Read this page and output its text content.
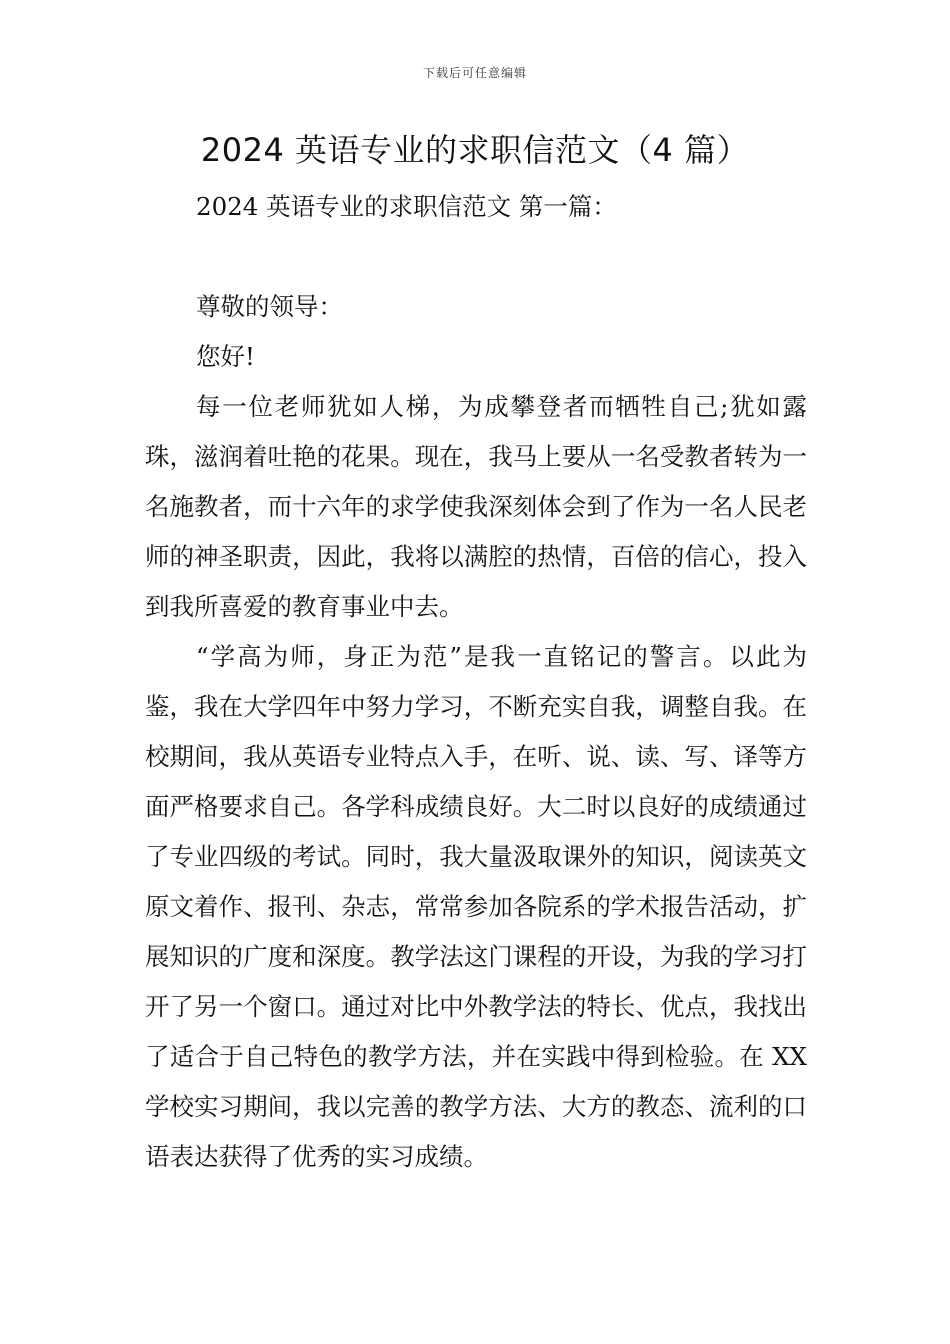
下载后可任意编辑
2024 英语专业的求职信范文（4 篇）

2024 英语专业的求职信范文 第一篇：

尊敬的领导：

您好!

每一位老师犹如人梯，为成攀登者而牺牲自己;犹如露珠，滋润着吐艳的花果。现在，我马上要从一名受教者转为一名施教者，而十六年的求学使我深刻体会到了作为一名人民老师的神圣职责，因此，我将以满腔的热情，百倍的信心，投入到我所喜爱的教育事业中去。

“学高为师，身正为范”是我一直铭记的警言。以此为鉴，我在大学四年中努力学习，不断充实自我，调整自我。在校期间，我从英语专业特点入手，在听、说、读、写、译等方面严格要求自己。各学科成绩良好。大二时以良好的成绩通过了专业四级的考试。同时，我大量汲取课外的知识，阅读英文原文着作、报刊、杂志，常常参加各院系的学术报告活动，扩展知识的广度和深度。教学法这门课程的开设，为我的学习打开了另一个窗口。通过对比中外教学法的特长、优点，我找出了适合于自己特色的教学方法，并在实践中得到检验。在 XX 学校实习期间，我以完善的教学方法、大方的教态、流利的口语表达获得了优秀的实习成绩。
